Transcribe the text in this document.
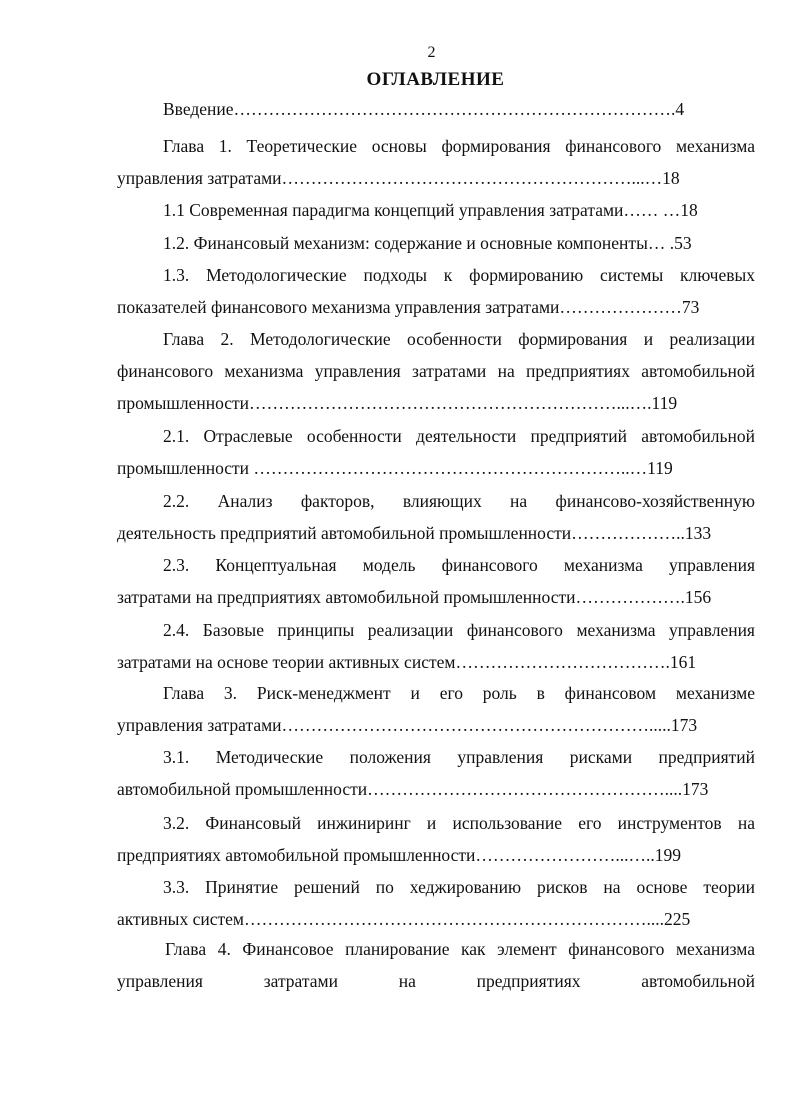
2
ОГЛАВЛЕНИЕ
Введение………………………………………………………………….4
Глава 1. Теоретические основы формирования финансового механизма
управления затратами……………………………………………………...…18
1.1 Современная парадигма концепций управления затратами…… …18
1.2. Финансовый механизм: содержание и основные компоненты… .53
1.3. Методологические подходы к формированию системы ключевых
показателей финансового механизма управления затратами…………………73
Глава 2. Методологические особенности формирования и реализации
финансового механизма управления затратами на предприятиях автомобильной
промышленности………………………………………………………...….119
2.1. Отраслевые особенности деятельности предприятий автомобильной
промышленности ………………………………………………………..…119
2.2. Анализ факторов, влияющих на финансово-хозяйственную
деятельность предприятий автомобильной промышленности………………..133
2.3. Концептуальная модель финансового механизма управления
затратами на предприятиях автомобильной промышленности……………….156
2.4. Базовые принципы реализации финансового механизма управления
затратами на основе теории активных систем……………………………….161
Глава 3. Риск-менеджмент и его роль в финансовом механизме
управления затратами……………………………………………………….....173
3.1. Методические положения управления рисками предприятий
автомобильной промышленности……………………………………………....173
3.2. Финансовый инжиниринг и использование его инструментов на
предприятиях автомобильной промышленности……………………...…..199
3.3. Принятие решений по хеджированию рисков на основе теории
активных систем……………………………………………………………....225
Глава 4. Финансовое планирование как элемент финансового механизма
управления затратами на предприятиях автомобильной
